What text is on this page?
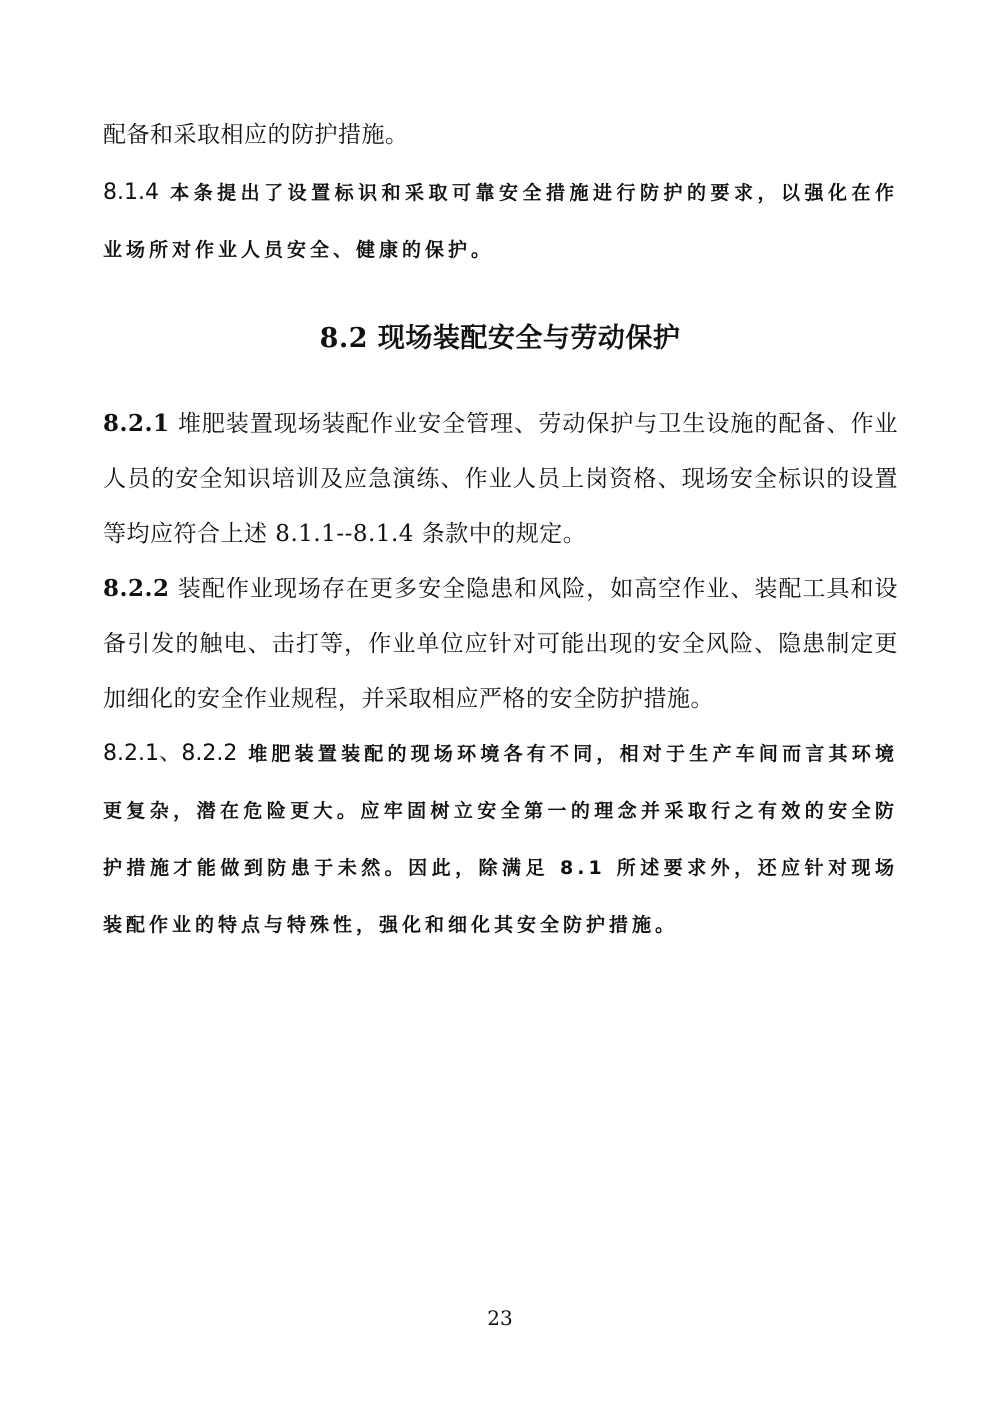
配备和采取相应的防护措施。

8.1.4 本条提出了设置标识和采取可靠安全措施进行防护的要求，以强化在作业场所对作业人员安全、健康的保护。

8.2 现场装配安全与劳动保护

8.2.1 堆肥装置现场装配作业安全管理、劳动保护与卫生设施的配备、作业人员的安全知识培训及应急演练、作业人员上岗资格、现场安全标识的设置等均应符合上述 8.1.1--8.1.4 条款中的规定。

8.2.2 装配作业现场存在更多安全隐患和风险，如高空作业、装配工具和设备引发的触电、击打等，作业单位应针对可能出现的安全风险、隐患制定更加细化的安全作业规程，并采取相应严格的安全防护措施。

8.2.1、8.2.2 堆肥装置装配的现场环境各有不同，相对于生产车间而言其环境更复杂，潜在危险更大。应牢固树立安全第一的理念并采取行之有效的安全防护措施才能做到防患于未然。因此，除满足 8.1 所述要求外，还应针对现场装配作业的特点与特殊性，强化和细化其安全防护措施。

23
